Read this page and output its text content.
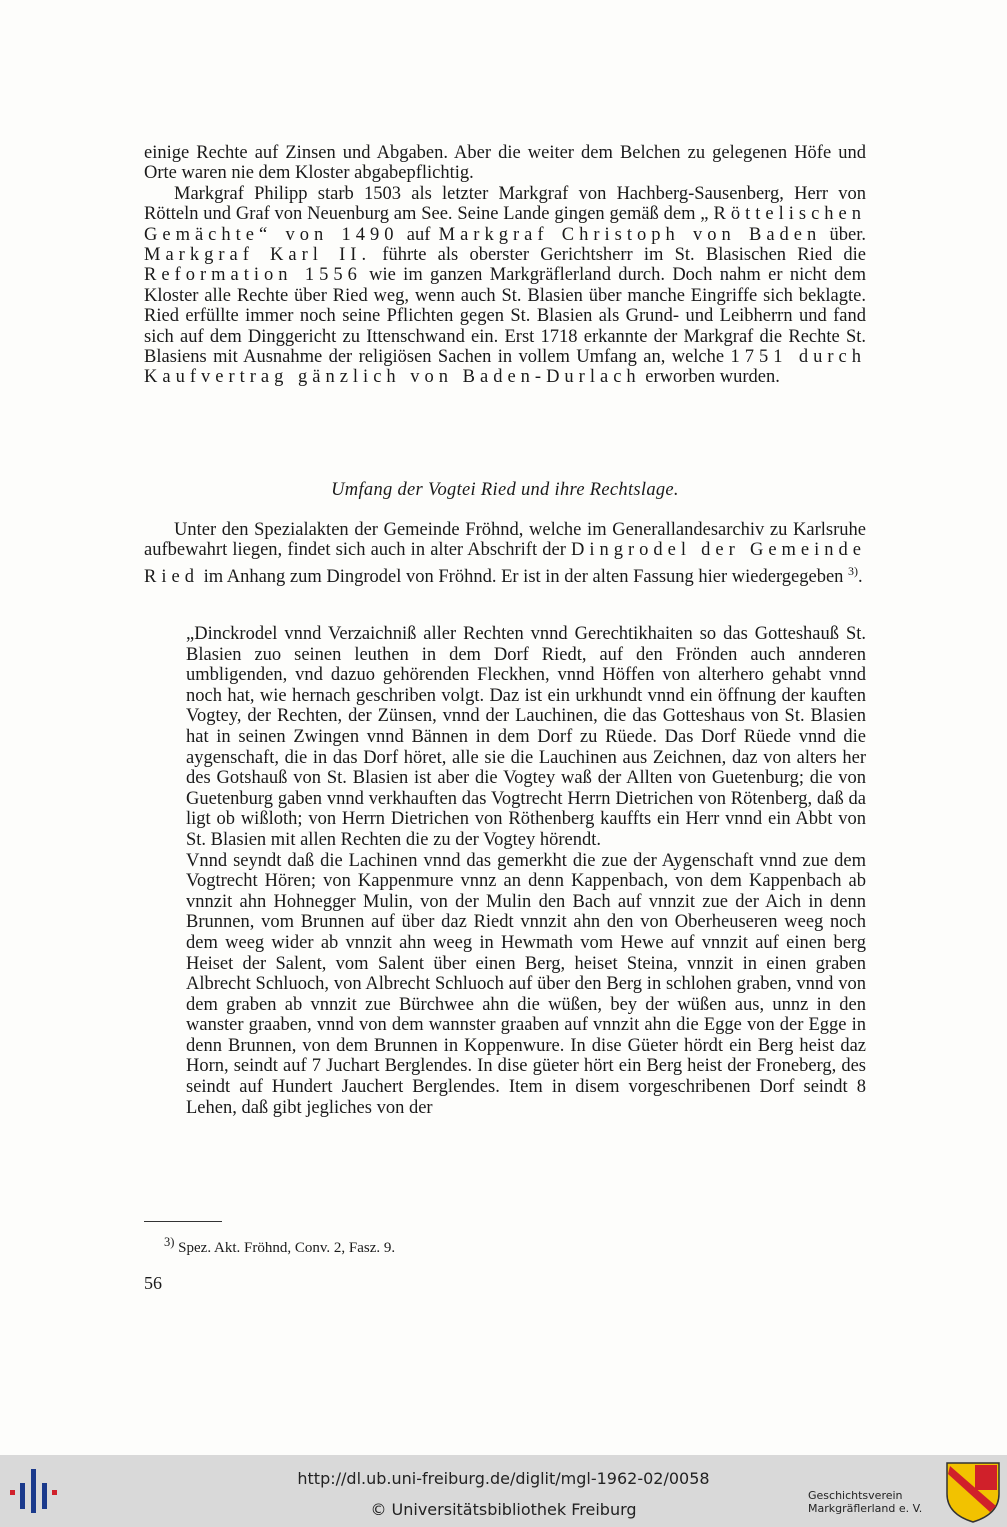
einige Rechte auf Zinsen und Abgaben. Aber die weiter dem Belchen zu gelegenen Höfe und Orte waren nie dem Kloster abgabepflichtig.
Markgraf Philipp starb 1503 als letzter Markgraf von Hachberg-Sausenberg, Herr von Rötteln und Graf von Neuenburg am See. Seine Lande gingen gemäß dem „Röttelischen Gemächte“ von 1490 auf Markgraf Christoph von Baden über. Markgraf Karl II. führte als oberster Gerichtsherr im St. Blasischen Ried die Reformation 1556 wie im ganzen Markgräflerland durch. Doch nahm er nicht dem Kloster alle Rechte über Ried weg, wenn auch St. Blasien über manche Eingriffe sich beklagte. Ried erfüllte immer noch seine Pflichten gegen St. Blasien als Grund- und Leibherrn und fand sich auf dem Dinggericht zu Ittenschwand ein. Erst 1718 erkannte der Markgraf die Rechte St. Blasiens mit Ausnahme der religiösen Sachen in vollem Umfang an, welche 1751 durch Kaufvertrag gänzlich von Baden-Durlach erworben wurden.

Umfang der Vogtei Ried und ihre Rechtslage.

Unter den Spezialakten der Gemeinde Fröhnd, welche im Generallandesarchiv zu Karlsruhe aufbewahrt liegen, findet sich auch in alter Abschrift der Dingrodel der Gemeinde Ried im Anhang zum Dingrodel von Fröhnd. Er ist in der alten Fassung hier wiedergegeben $^{3)}$.

„Dinckrodel vnnd Verzaichniß aller Rechten vnnd Gerechtikhaiten so das Gotteshauß St. Blasien zuo seinen leuthen in dem Dorf Riedt, auf den Frönden auch annderen umbligenden, vnd dazuo gehörenden Fleckhen, vnnd Höffen von alterhero gehabt vnnd noch hat, wie hernach geschriben volgt. Daz ist ein urkhundt vnnd ein öffnung der kauften Vogtey, der Rechten, der Zünsen, vnnd der Lauchinen, die das Gotteshaus von St. Blasien hat in seinen Zwingen vnnd Bännen in dem Dorf zu Rüede. Das Dorf Rüede vnnd die aygenschaft, die in das Dorf höret, alle sie die Lauchinen aus Zeichnen, daz von alters her des Gotshauß von St. Blasien ist aber die Vogtey waß der Allten von Guetenburg; die von Guetenburg gaben vnnd verkhauften das Vogtrecht Herrn Dietrichen von Rötenberg, daß da ligt ob wißloth; von Herrn Dietrichen von Röthenberg kauffts ein Herr vnnd ein Abbt von St. Blasien mit allen Rechten die zu der Vogtey hörendt.

Vnnd seyndt daß die Lachinen vnnd das gemerkht die zue der Aygenschaft vnnd zue dem Vogtrecht Hören; von Kappenmure vnnz an denn Kappenbach, von dem Kappenbach ab vnnzit ahn Hohnegger Mulin, von der Mulin den Bach auf vnnzit zue der Aich in denn Brunnen, vom Brunnen auf über daz Riedt vnnzit ahn den von Oberheuseren weeg noch dem weeg wider ab vnnzit ahn weeg in Hewmath vom Hewe auf vnnzit auf einen berg Heiset der Salent, vom Salent über einen Berg, heiset Steina, vnnzit in einen graben Albrecht Schluoch, von Albrecht Schluoch auf über den Berg in schlohen graben, vnnd von dem graben ab vnnzit zue Bürchwee ahn die wüßen, bey der wüßen aus, unnz in den wanster graaben, vnnd von dem wannster graaben auf vnnzit ahn die Egge von der Egge in denn Brunnen, von dem Brunnen in Koppenwure. In dise Güeter hördt ein Berg heist daz Horn, seindt auf 7 Juchart Berglendes. In dise güeter hört ein Berg heist der Froneberg, des seindt auf Hundert Jauchert Berglendes. Item in disem vorgeschribenen Dorf seindt 8 Lehen, daß gibt jegliches von der

$^{3)}$ Spez. Akt. Fröhnd, Conv. 2, Fasz. 9.
56
http://dl.ub.uni-freiburg.de/diglit/mgl-1962-02/0058
© Universitätsbibliothek Freiburg
Geschichtsverein
Markgräflerland e. V.
